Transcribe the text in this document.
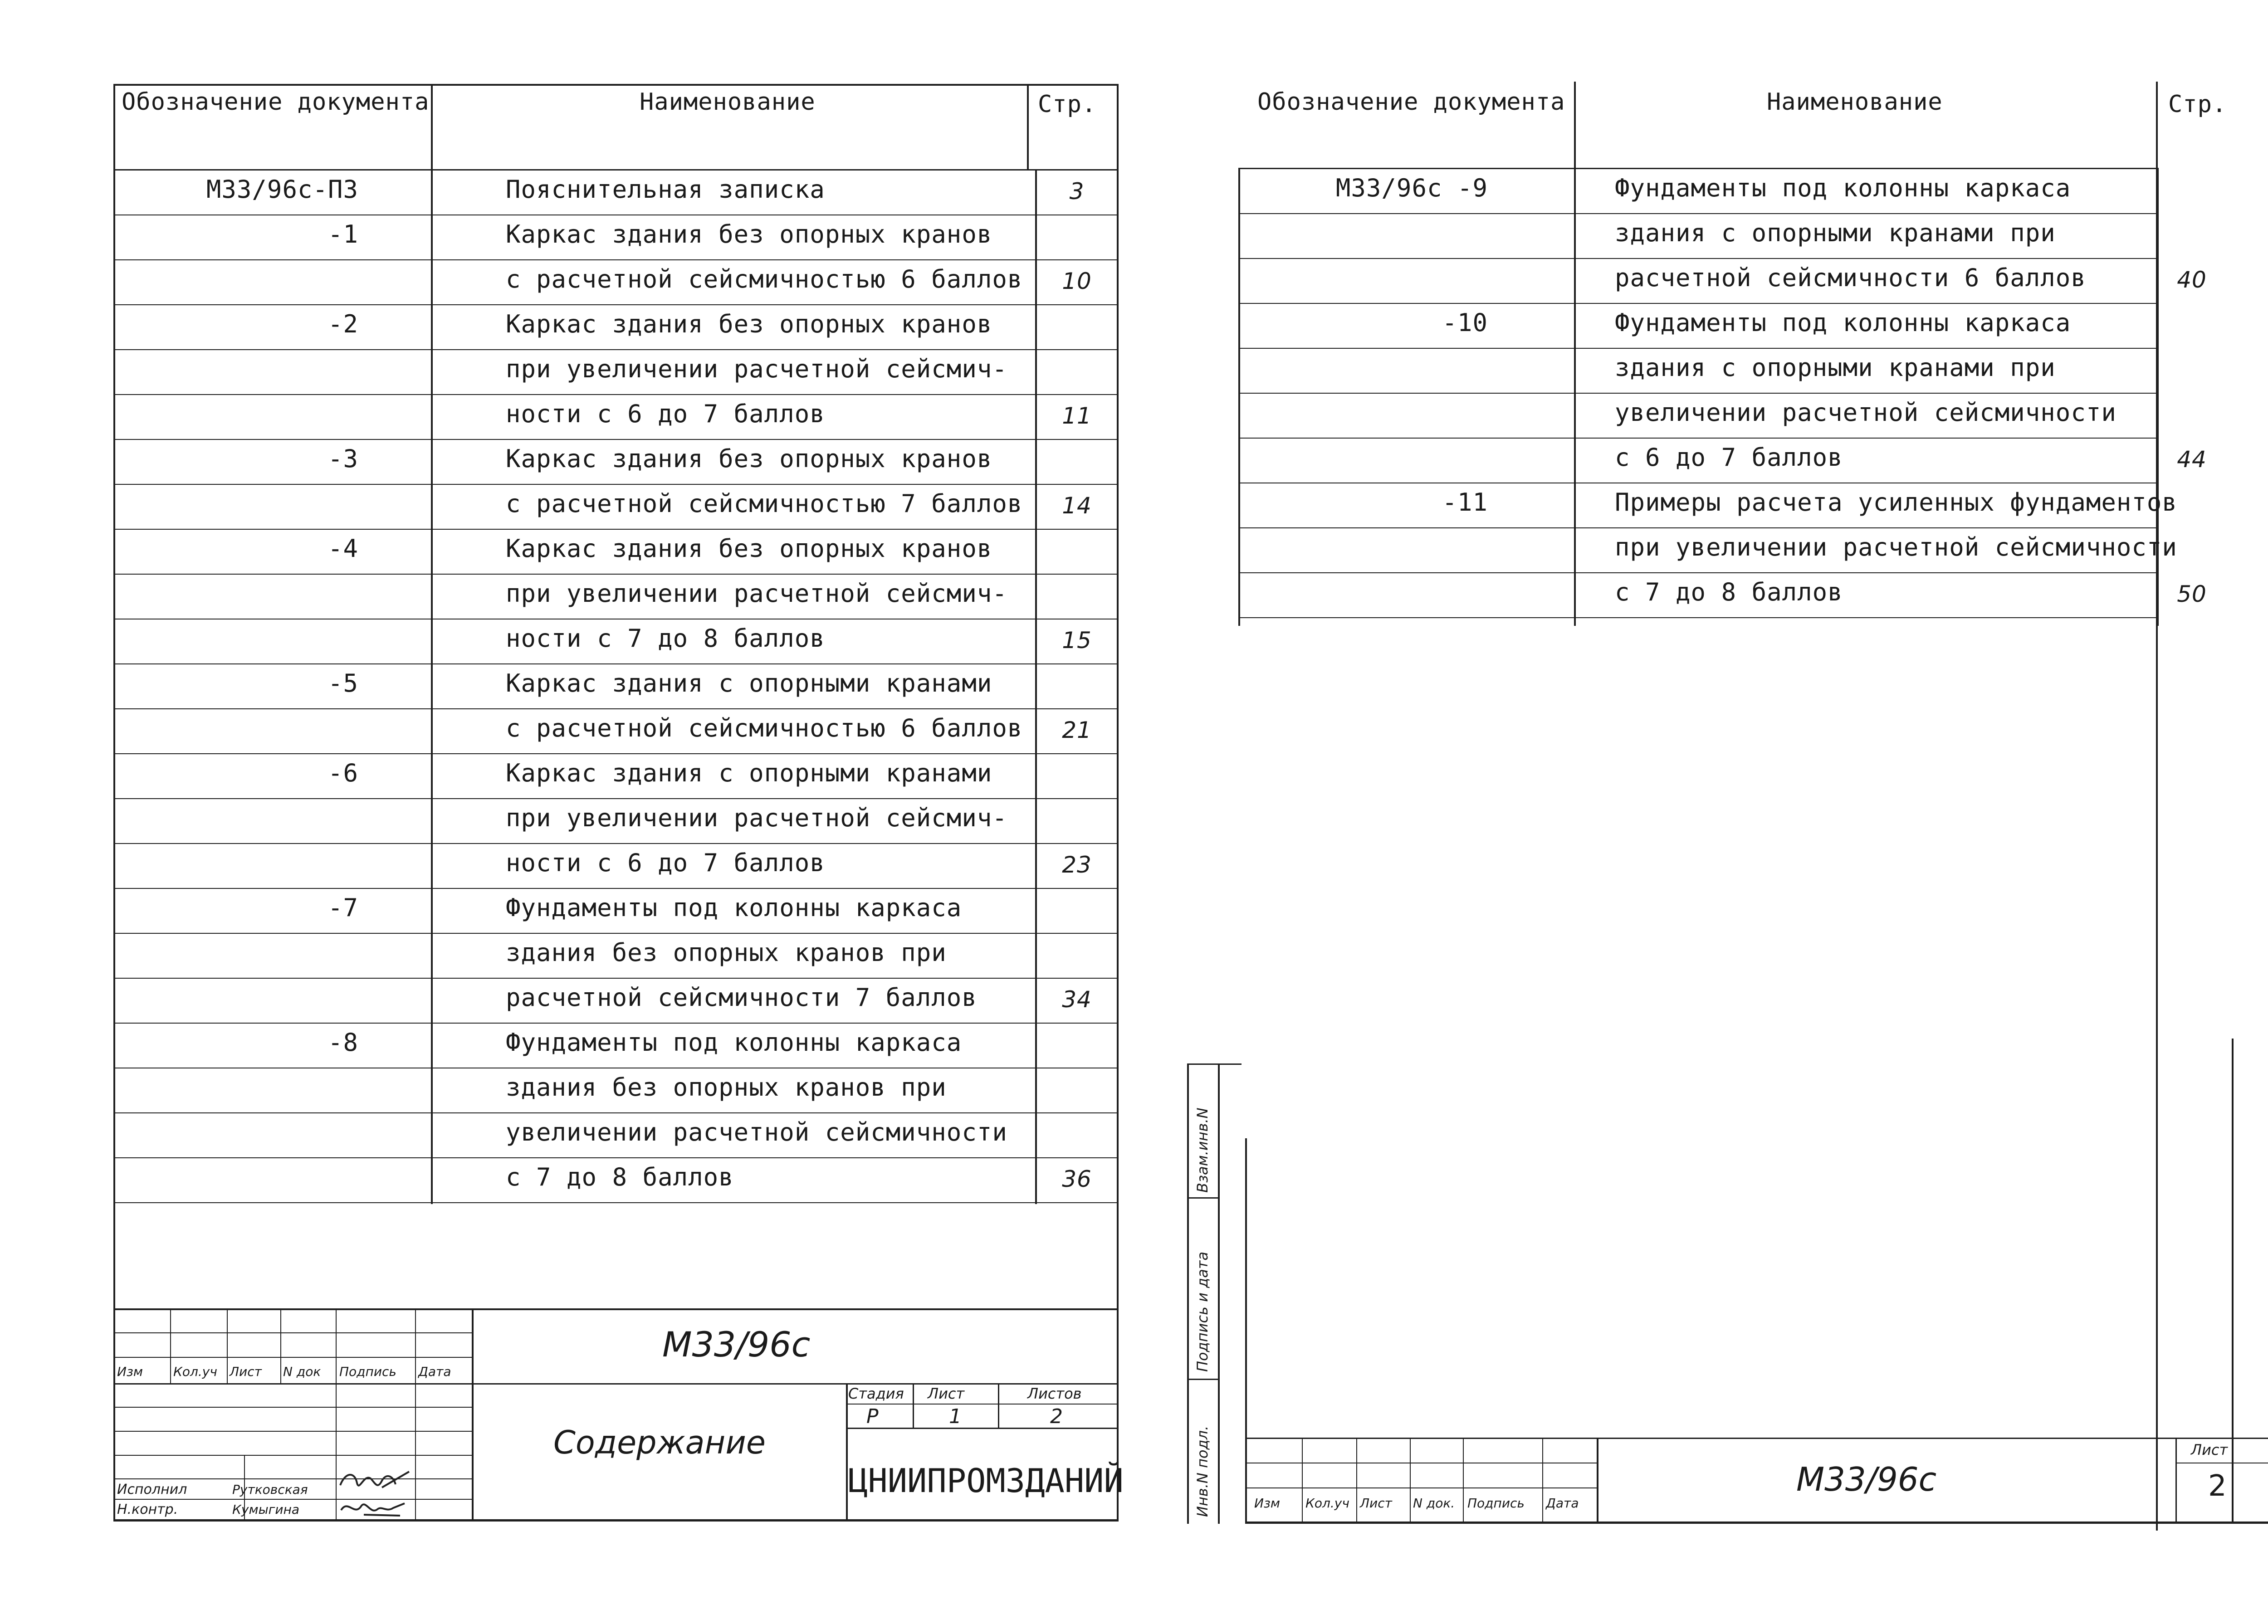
Обозначение документа	Наименование	Стр.
М33/96с-ПЗ	Пояснительная записка	3
-1	Каркас здания без опорных кранов
с расчетной сейсмичностью 6 баллов	10
-2	Каркас здания без опорных кранов
при увеличении расчетной сейсмич-
ности с 6 до 7 баллов	11
-3	Каркас здания без опорных кранов
с расчетной сейсмичностью 7 баллов	14
-4	Каркас здания без опорных кранов
при увеличении расчетной сейсмич-
ности с 7 до 8 баллов	15
-5	Каркас здания с опорными кранами
с расчетной сейсмичностью 6 баллов	21
-6	Каркас здания с опорными кранами
при увеличении расчетной сейсмич-
ности с 6 до 7 баллов	23
-7	Фундаменты под колонны каркаса
здания без опорных кранов при
расчетной сейсмичности 7 баллов	34
-8	Фундаменты под колонны каркаса
здания без опорных кранов при
увеличении расчетной сейсмичности
с 7 до 8 баллов	36
Изм Кол.уч Лист N док Подпись Дата
М33/96с
Содержание
Стадия Лист	Листов
Р	1	2
ЦНИИПРОМЗДАНИЙ
Исполнил	Рутковская
Н.контр.	Кумыгина
Обозначение документа	Наименование	Стр.
М33/96с -9	Фундаменты под колонны каркаса
здания с опорными кранами при
расчетной сейсмичности 6 баллов	40
-10	Фундаменты под колонны каркаса
здания с опорными кранами при
увеличении расчетной сейсмичности
с 6 до 7 баллов	44
-11	Примеры расчета усиленных фундаментов
при увеличении расчетной сейсмичности
с 7 до 8 баллов	50
Взам.инв.N
Подпись и дата
Инв.N подл.	Изм Кол.уч Лист N док. Подпись Дата
М33/96с
Лист
2
